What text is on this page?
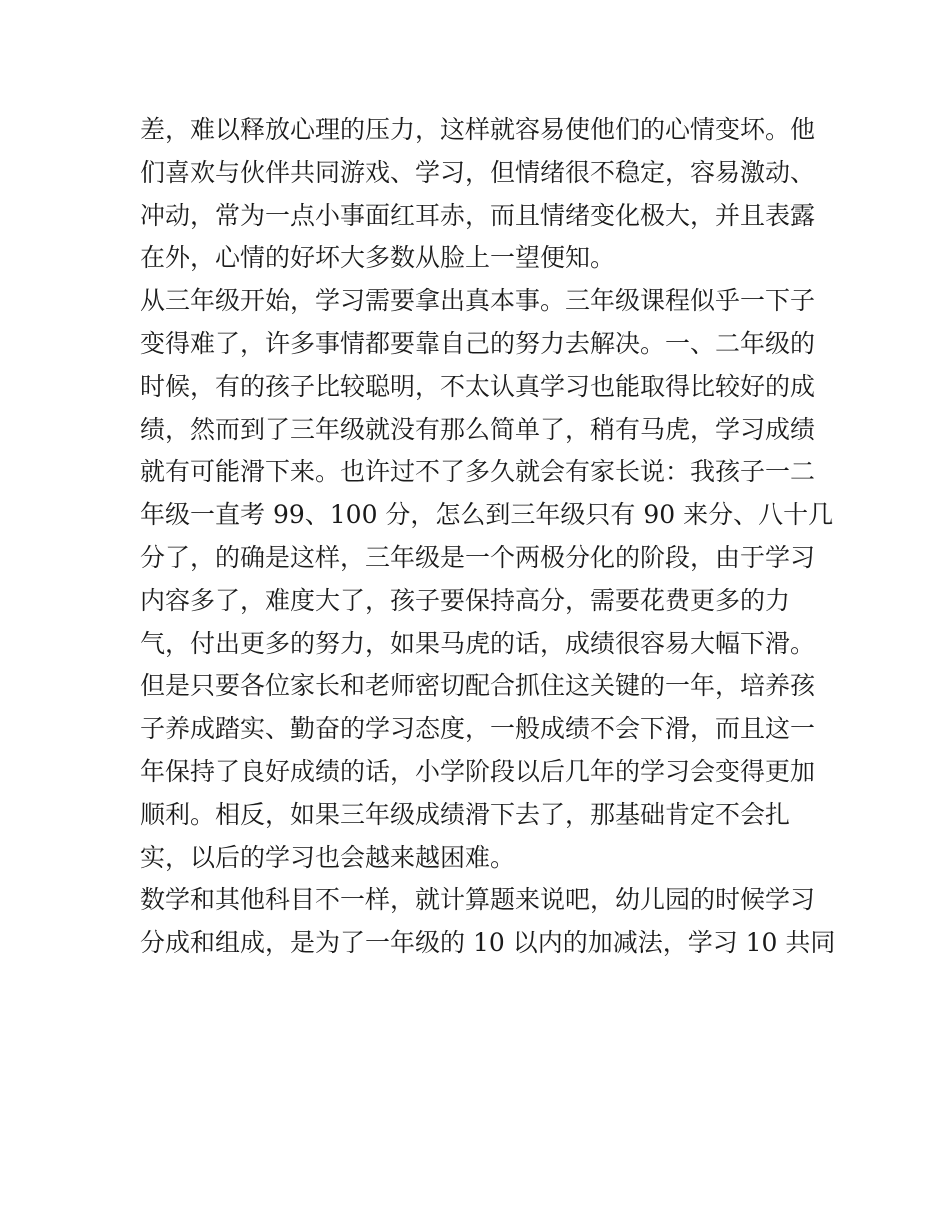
差，难以释放心理的压力，这样就容易使他们的心情变坏。他
们喜欢与伙伴共同游戏、学习，但情绪很不稳定，容易激动、
冲动，常为一点小事面红耳赤，而且情绪变化极大，并且表露
在外，心情的好坏大多数从脸上一望便知。
从三年级开始，学习需要拿出真本事。三年级课程似乎一下子
变得难了，许多事情都要靠自己的努力去解决。一、二年级的
时候，有的孩子比较聪明，不太认真学习也能取得比较好的成
绩，然而到了三年级就没有那么简单了，稍有马虎，学习成绩
就有可能滑下来。也许过不了多久就会有家长说：我孩子一二
年级一直考 99、100 分，怎么到三年级只有 90 来分、八十几
分了，的确是这样，三年级是一个两极分化的阶段，由于学习
内容多了，难度大了，孩子要保持高分，需要花费更多的力
气，付出更多的努力，如果马虎的话，成绩很容易大幅下滑。
但是只要各位家长和老师密切配合抓住这关键的一年，培养孩
子养成踏实、勤奋的学习态度，一般成绩不会下滑，而且这一
年保持了良好成绩的话，小学阶段以后几年的学习会变得更加
顺利。相反，如果三年级成绩滑下去了，那基础肯定不会扎
实，以后的学习也会越来越困难。
数学和其他科目不一样，就计算题来说吧，幼儿园的时候学习
分成和组成，是为了一年级的 10 以内的加减法，学习 10 共同
